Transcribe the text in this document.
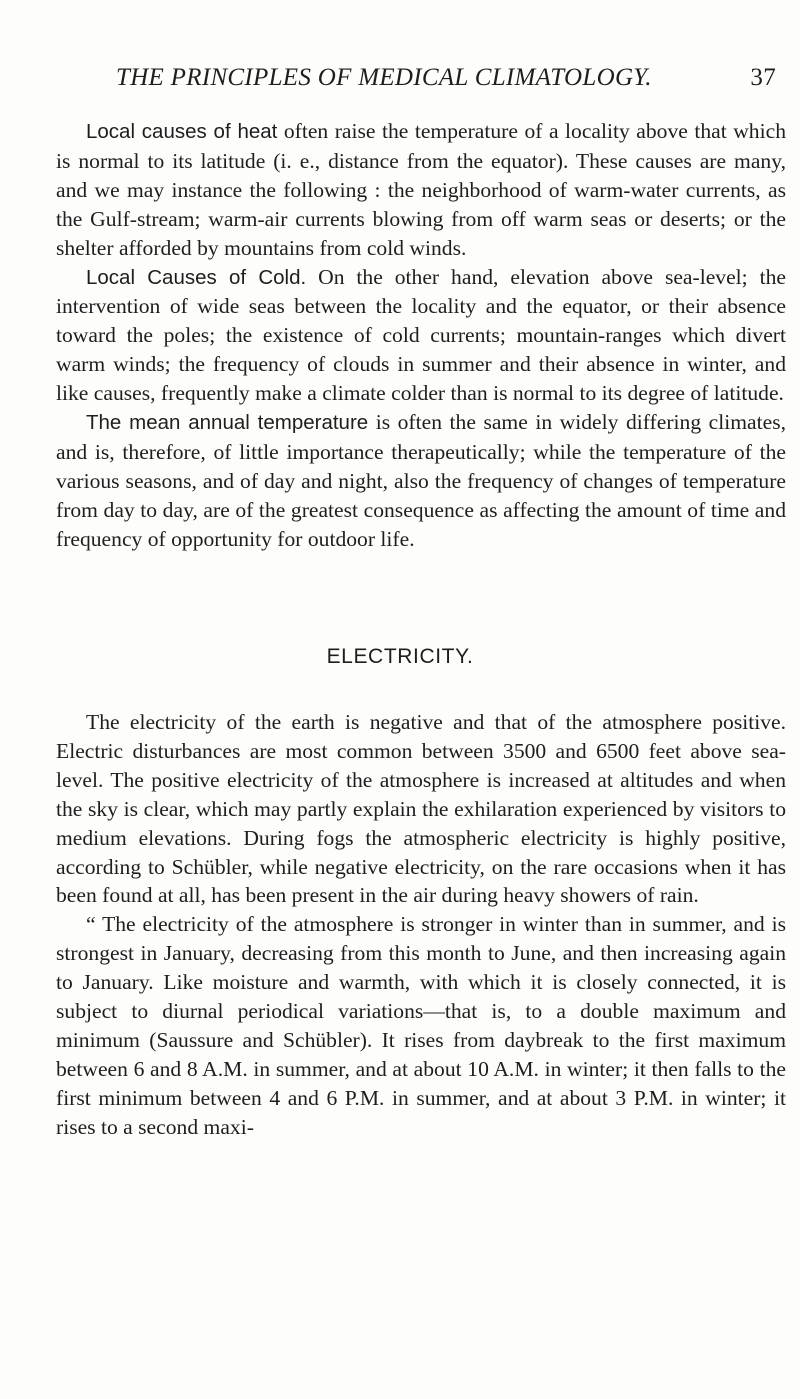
THE PRINCIPLES OF MEDICAL CLIMATOLOGY.	37

Local causes of heat often raise the temperature of a locality above that which is normal to its latitude (i. e., distance from the equator). These causes are many, and we may instance the following : the neighborhood of warm-water currents, as the Gulf-stream; warm-air currents blowing from off warm seas or deserts; or the shelter afforded by mountains from cold winds.

Local Causes of Cold. On the other hand, elevation above sea-level; the intervention of wide seas between the locality and the equator, or their absence toward the poles; the existence of cold currents; mountain-ranges which divert warm winds; the frequency of clouds in summer and their absence in winter, and like causes, frequently make a climate colder than is normal to its degree of latitude.

The mean annual temperature is often the same in widely differing climates, and is, therefore, of little importance therapeutically; while the temperature of the various seasons, and of day and night, also the frequency of changes of temperature from day to day, are of the greatest consequence as affecting the amount of time and frequency of opportunity for outdoor life.

ELECTRICITY.

The electricity of the earth is negative and that of the atmosphere positive. Electric disturbances are most common between 3500 and 6500 feet above sea-level. The positive electricity of the atmosphere is increased at altitudes and when the sky is clear, which may partly explain the exhilaration experienced by visitors to medium elevations. During fogs the atmospheric electricity is highly positive, according to Schübler, while negative electricity, on the rare occasions when it has been found at all, has been present in the air during heavy showers of rain.

“ The electricity of the atmosphere is stronger in winter than in summer, and is strongest in January, decreasing from this month to June, and then increasing again to January. Like moisture and warmth, with which it is closely connected, it is subject to diurnal periodical variations—that is, to a double maximum and minimum (Saussure and Schübler). It rises from daybreak to the first maximum between 6 and 8 A.M. in summer, and at about 10 A.M. in winter; it then falls to the first minimum between 4 and 6 P.M. in summer, and at about 3 P.M. in winter; it rises to a second maxi-
